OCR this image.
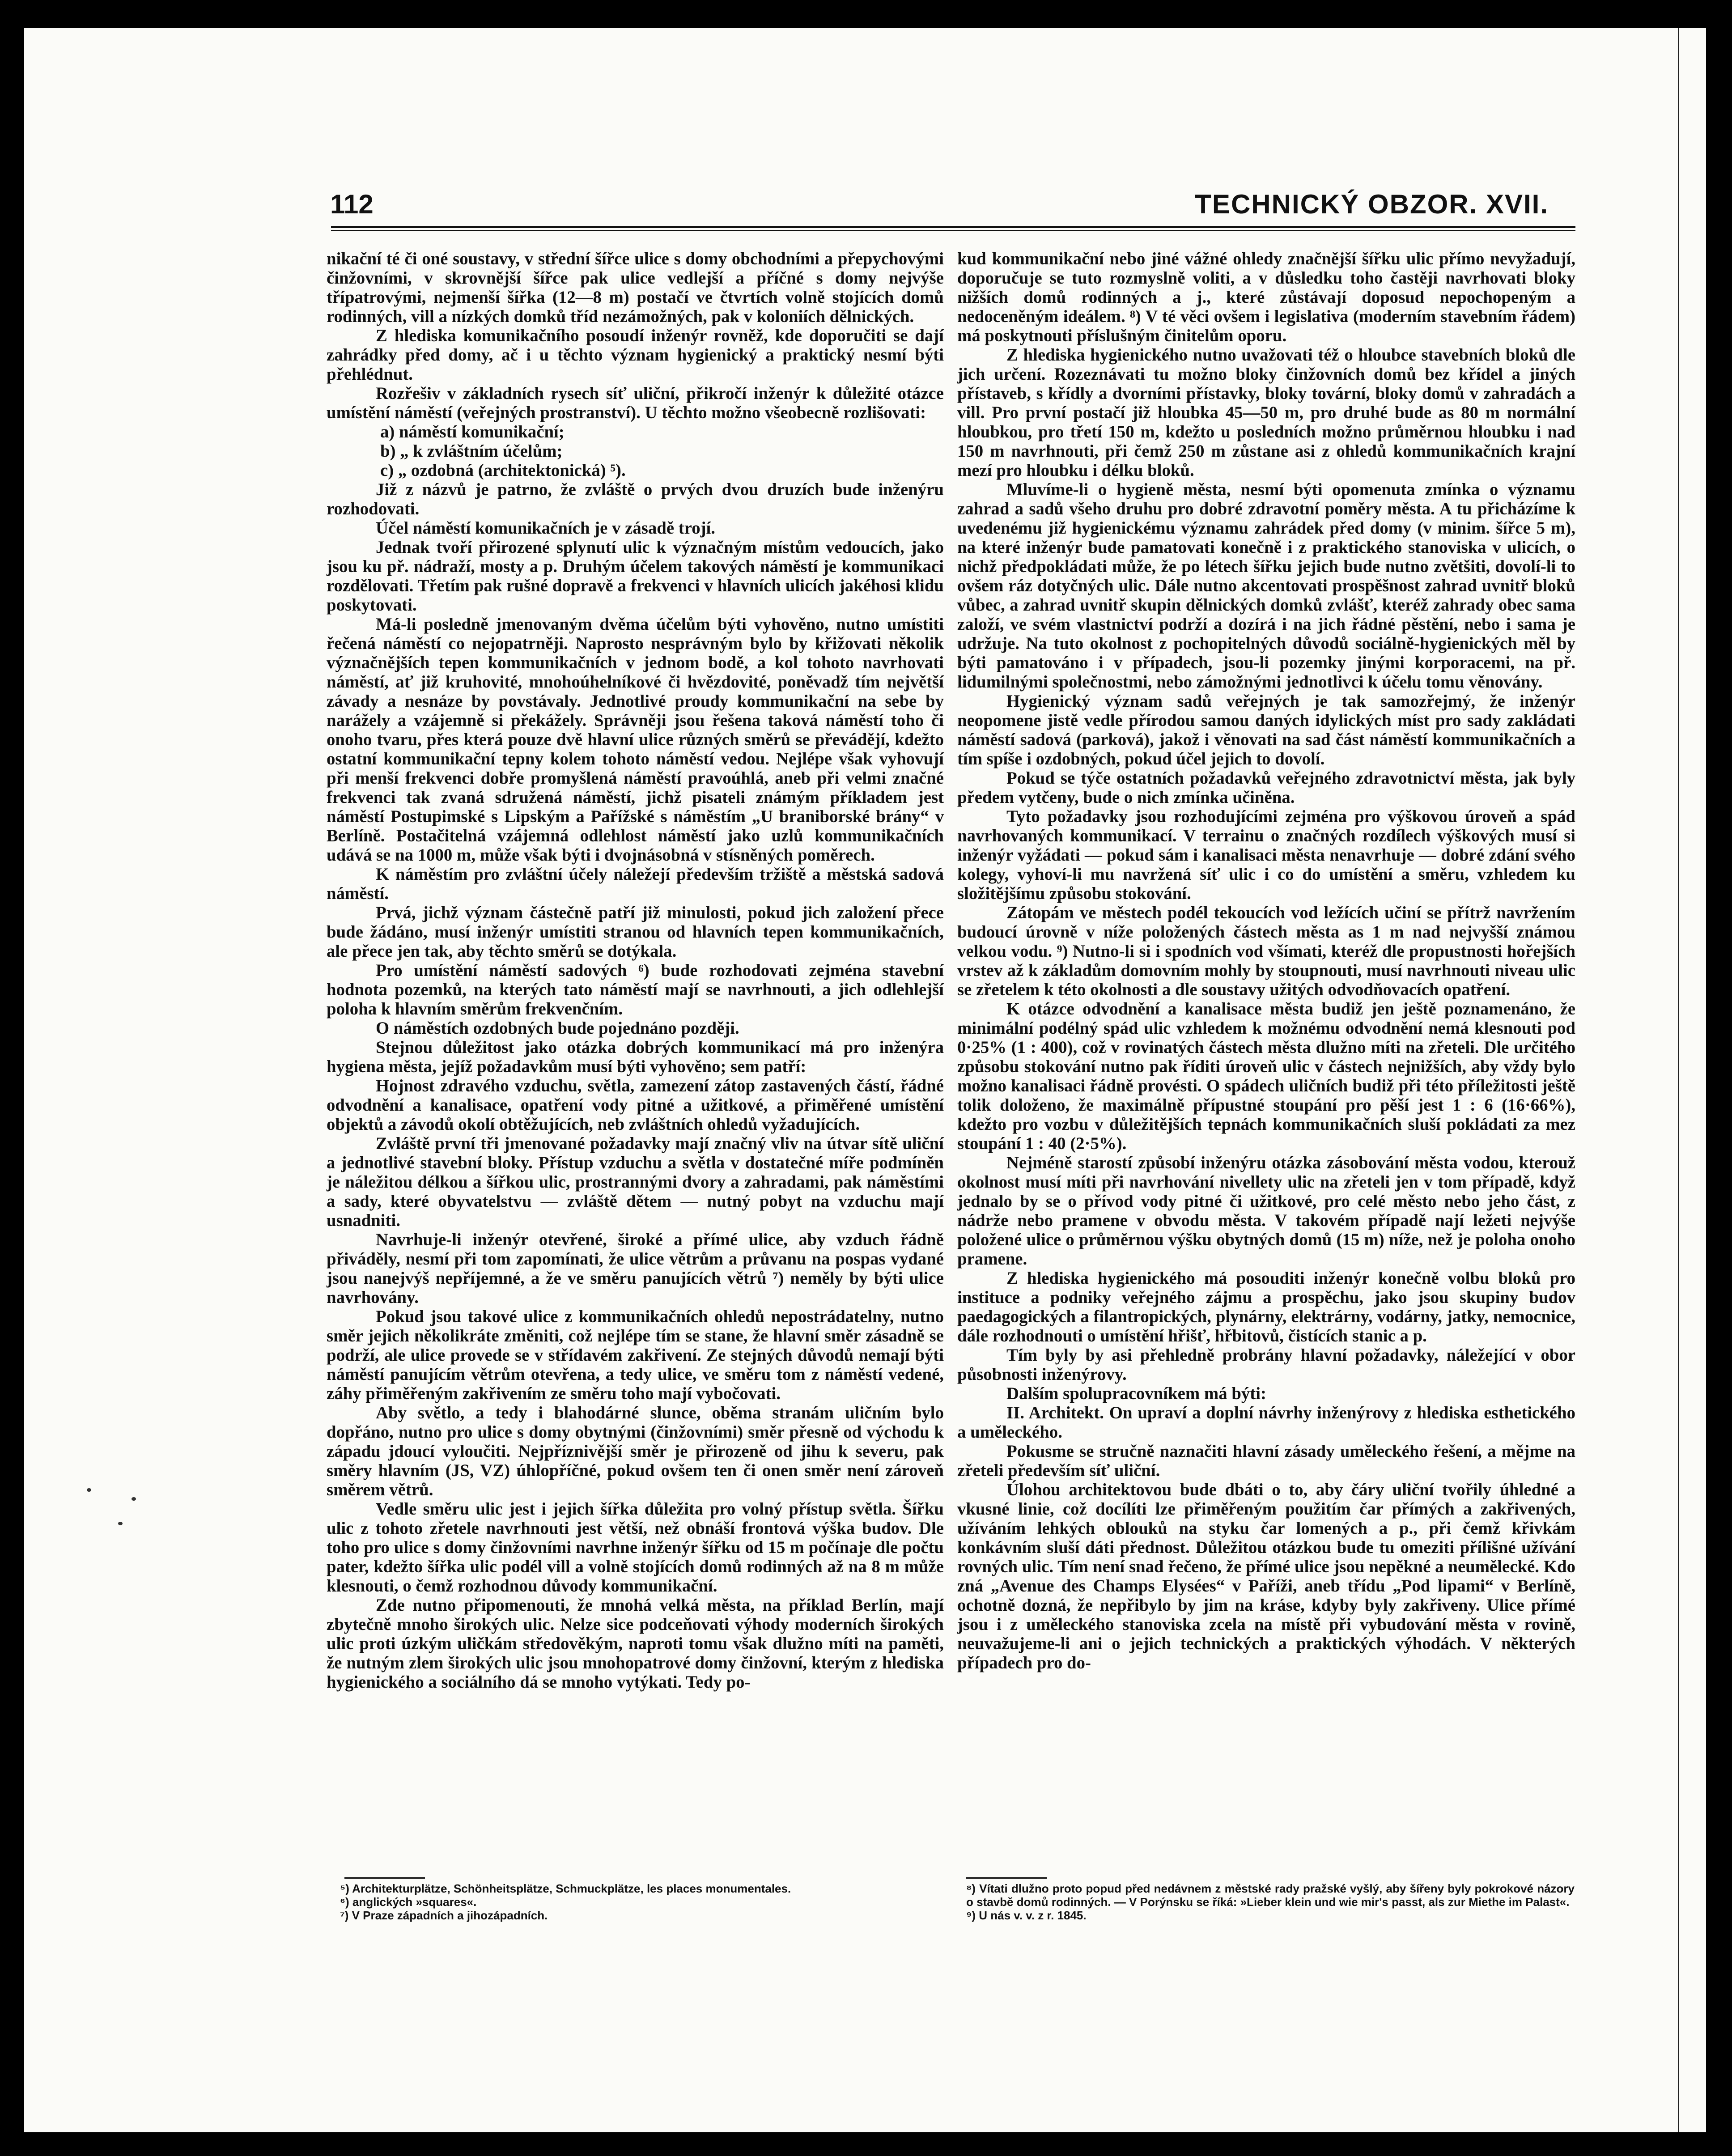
112	TECHNICKÝ OBZOR. XVII.

nikační té či oné soustavy, v střední šířce ulice s domy obchodními a přepychovými činžovními, v skrovnější šířce pak ulice vedlejší a příčné s domy nejvýše třípatrovými, nejmenší šířka (12—8 m) postačí ve čtvrtích volně stojících domů rodinných, vill a nízkých domků tříd nezámožných, pak v koloniích dělnických.

Z hlediska komunikačního posoudí inženýr rovněž, kde doporučiti se dají zahrádky před domy, ač i u těchto význam hygienický a praktický nesmí býti přehlédnut.

Rozřešiv v základních rysech síť uliční, přikročí inženýr k důležité otázce umístění náměstí (veřejných prostranství). U těchto možno všeobecně rozlišovati:

a) náměstí komunikační;

b) „ k zvláštním účelům;

c) „ ozdobná (architektonická) ⁵).

Již z názvů je patrno, že zvláště o prvých dvou druzích bude inženýru rozhodovati.

Účel náměstí komunikačních je v zásadě trojí.

Jednak tvoří přirozené splynutí ulic k význačným místům vedoucích, jako jsou ku př. nádraží, mosty a p. Druhým účelem takových náměstí je kommunikaci rozdělovati. Třetím pak rušné dopravě a frekvenci v hlavních ulicích jakéhosi klidu poskytovati.

Má-li posledně jmenovaným dvěma účelům býti vyhověno, nutno umístiti řečená náměstí co nejopatrněji. Naprosto nesprávným bylo by křižovati několik význačnějších tepen kommunikačních v jednom bodě, a kol tohoto navrhovati náměstí, ať již kruhovité, mnohoúhelníkové či hvězdovité, poněvadž tím největší závady a nesnáze by povstávaly. Jednotlivé proudy kommunikační na sebe by narážely a vzájemně si překážely. Správněji jsou řešena taková náměstí toho či onoho tvaru, přes která pouze dvě hlavní ulice různých směrů se převádějí, kdežto ostatní kommunikační tepny kolem tohoto náměstí vedou. Nejlépe však vyhovují při menší frekvenci dobře promyšlená náměstí pravoúhlá, aneb při velmi značné frekvenci tak zvaná sdružená náměstí, jichž pisateli známým příkladem jest náměstí Postupimské s Lipským a Pařížské s náměstím „U braniborské brány“ v Berlíně. Postačitelná vzájemná odlehlost náměstí jako uzlů kommunikačních udává se na 1000 m, může však býti i dvojnásobná v stísněných poměrech.

K náměstím pro zvláštní účely náležejí především tržiště a městská sadová náměstí.

Prvá, jichž význam částečně patří již minulosti, pokud jich založení přece bude žádáno, musí inženýr umístiti stranou od hlavních tepen kommunikačních, ale přece jen tak, aby těchto směrů se dotýkala.

Pro umístění náměstí sadových ⁶) bude rozhodovati zejména stavební hodnota pozemků, na kterých tato náměstí mají se navrhnouti, a jich odlehlejší poloha k hlavním směrům frekvenčním.

O náměstích ozdobných bude pojednáno později.

Stejnou důležitost jako otázka dobrých kommunikací má pro inženýra hygiena města, jejíž požadavkům musí býti vyhověno; sem patří:

Hojnost zdravého vzduchu, světla, zamezení zátop zastavených částí, řádné odvodnění a kanalisace, opatření vody pitné a užitkové, a přiměřené umístění objektů a závodů okolí obtěžujících, neb zvláštních ohledů vyžadujících.

Zvláště první tři jmenované požadavky mají značný vliv na útvar sítě uliční a jednotlivé stavební bloky. Přístup vzduchu a světla v dostatečné míře podmíněn je náležitou délkou a šířkou ulic, prostrannými dvory a zahradami, pak náměstími a sady, které obyvatelstvu — zvláště dětem — nutný pobyt na vzduchu mají usnadniti.

Navrhuje-li inženýr otevřené, široké a přímé ulice, aby vzduch řádně přiváděly, nesmí při tom zapomínati, že ulice větrům a průvanu na pospas vydané jsou nanejvýš nepříjemné, a že ve směru panujících větrů ⁷) neměly by býti ulice navrhovány.

Pokud jsou takové ulice z kommunikačních ohledů nepostrádatelny, nutno směr jejich několikráte změniti, což nejlépe tím se stane, že hlavní směr zásadně se podrží, ale ulice provede se v střídavém zakřivení. Ze stejných důvodů nemají býti náměstí panujícím větrům otevřena, a tedy ulice, ve směru tom z náměstí vedené, záhy přiměřeným zakřivením ze směru toho mají vybočovati.

Aby světlo, a tedy i blahodárné slunce, oběma stranám uličním bylo dopřáno, nutno pro ulice s domy obytnými (činžovními) směr přesně od východu k západu jdoucí vyloučiti. Nejpříznivější směr je přirozeně od jihu k severu, pak směry hlavním (JS, VZ) úhlopříčné, pokud ovšem ten či onen směr není zároveň směrem větrů.

Vedle směru ulic jest i jejich šířka důležita pro volný přístup světla. Šířku ulic z tohoto zřetele navrhnouti jest větší, než obnáší frontová výška budov. Dle toho pro ulice s domy činžovními navrhne inženýr šířku od 15 m počínaje dle počtu pater, kdežto šířka ulic podél vill a volně stojících domů rodinných až na 8 m může klesnouti, o čemž rozhodnou důvody kommunikační.

Zde nutno připomenouti, že mnohá velká města, na příklad Berlín, mají zbytečně mnoho širokých ulic. Nelze sice podceňovati výhody moderních širokých ulic proti úzkým uličkám středověkým, naproti tomu však dlužno míti na paměti, že nutným zlem širokých ulic jsou mnohopatrové domy činžovní, kterým z hlediska hygienického a sociálního dá se mnoho vytýkati. Tedy po-

⁵) Architekturplätze, Schönheitsplätze, Schmuckplätze, les places monumentales.

⁶) anglických »squares«.

⁷) V Praze západních a jihozápadních.

kud kommunikační nebo jiné vážné ohledy značnější šířku ulic přímo nevyžadují, doporučuje se tuto rozmyslně voliti, a v důsledku toho častěji navrhovati bloky nižších domů rodinných a j., které zůstávají doposud nepochopeným a nedoceněným ideálem. ⁸) V té věci ovšem i legislativa (moderním stavebním řádem) má poskytnouti příslušným činitelům oporu.

Z hlediska hygienického nutno uvažovati též o hloubce stavebních bloků dle jich určení. Rozeznávati tu možno bloky činžovních domů bez křídel a jiných přístaveb, s křídly a dvorními přístavky, bloky tovární, bloky domů v zahradách a vill. Pro první postačí již hloubka 45—50 m, pro druhé bude as 80 m normální hloubkou, pro třetí 150 m, kdežto u posledních možno průměrnou hloubku i nad 150 m navrhnouti, při čemž 250 m zůstane asi z ohledů kommunikačních krajní mezí pro hloubku i délku bloků.

Mluvíme-li o hygieně města, nesmí býti opomenuta zmínka o významu zahrad a sadů všeho druhu pro dobré zdravotní poměry města. A tu přicházíme k uvedenému již hygienickému významu zahrádek před domy (v minim. šířce 5 m), na které inženýr bude pamatovati konečně i z praktického stanoviska v ulicích, o nichž předpokládati může, že po létech šířku jejich bude nutno zvětšiti, dovolí-li to ovšem ráz dotyčných ulic. Dále nutno akcentovati prospěšnost zahrad uvnitř bloků vůbec, a zahrad uvnitř skupin dělnických domků zvlášť, kteréž zahrady obec sama založí, ve svém vlastnictví podrží a dozírá i na jich řádné pěstění, nebo i sama je udržuje. Na tuto okolnost z pochopitelných důvodů sociálně-hygienických měl by býti pamatováno i v případech, jsou-li pozemky jinými korporacemi, na př. lidumilnými společnostmi, nebo zámožnými jednotlivci k účelu tomu věnovány.

Hygienický význam sadů veřejných je tak samozřejmý, že inženýr neopomene jistě vedle přírodou samou daných idylických míst pro sady zakládati náměstí sadová (parková), jakož i věnovati na sad část náměstí kommunikačních a tím spíše i ozdobných, pokud účel jejich to dovolí.

Pokud se týče ostatních požadavků veřejného zdravotnictví města, jak byly předem vytčeny, bude o nich zmínka učiněna.

Tyto požadavky jsou rozhodujícími zejména pro výškovou úroveň a spád navrhovaných kommunikací. V terrainu o značných rozdílech výškových musí si inženýr vyžádati — pokud sám i kanalisaci města nenavrhuje — dobré zdání svého kolegy, vyhoví-li mu navržená síť ulic i co do umístění a směru, vzhledem ku složitějšímu způsobu stokování.

Zátopám ve městech podél tekoucích vod ležících učiní se přítrž navržením budoucí úrovně v níže položených částech města as 1 m nad nejvyšší známou velkou vodu. ⁹) Nutno-li si i spodních vod všímati, kteréž dle propustnosti hořejších vrstev až k základům domovním mohly by stoupnouti, musí navrhnouti niveau ulic se zřetelem k této okolnosti a dle soustavy užitých odvodňovacích opatření.

K otázce odvodnění a kanalisace města budiž jen ještě poznamenáno, že minimální podélný spád ulic vzhledem k možnému odvodnění nemá klesnouti pod 0·25% (1 : 400), což v rovinatých částech města dlužno míti na zřeteli. Dle určitého způsobu stokování nutno pak říditi úroveň ulic v částech nejnižších, aby vždy bylo možno kanalisaci řádně provésti. O spádech uličních budiž při této příležitosti ještě tolik doloženo, že maximálně přípustné stoupání pro pěší jest 1 : 6 (16·66%), kdežto pro vozbu v důležitějších tepnách kommunikačních sluší pokládati za mez stoupání 1 : 40 (2·5%).

Nejméně starostí způsobí inženýru otázka zásobování města vodou, kterouž okolnost musí míti při navrhování nivellety ulic na zřeteli jen v tom případě, když jednalo by se o přívod vody pitné či užitkové, pro celé město nebo jeho část, z nádrže nebo pramene v obvodu města. V takovém případě nají ležeti nejvýše položené ulice o průměrnou výšku obytných domů (15 m) níže, než je poloha onoho pramene.

Z hlediska hygienického má posouditi inženýr konečně volbu bloků pro instituce a podniky veřejného zájmu a prospěchu, jako jsou skupiny budov paedagogických a filantropických, plynárny, elektrárny, vodárny, jatky, nemocnice, dále rozhodnouti o umístění hřišť, hřbitovů, čistících stanic a p.

Tím byly by asi přehledně probrány hlavní požadavky, náležející v obor působnosti inženýrovy.

Dalším spolupracovníkem má býti:

II. Architekt. On upraví a doplní návrhy inženýrovy z hlediska esthetického a uměleckého.

Pokusme se stručně naznačiti hlavní zásady uměleckého řešení, a mějme na zřeteli především síť uliční.

Úlohou architektovou bude dbáti o to, aby čáry uliční tvořily úhledné a vkusné linie, což docílíti lze přiměřeným použitím čar přímých a zakřivených, užíváním lehkých oblouků na styku čar lomených a p., při čemž křivkám konkávním sluší dáti přednost. Důležitou otázkou bude tu omeziti přílišné užívání rovných ulic. Tím není snad řečeno, že přímé ulice jsou nepěkné a neumělecké. Kdo zná „Avenue des Champs Elysées“ v Paříži, aneb třídu „Pod lipami“ v Berlíně, ochotně dozná, že nepřibylo by jim na kráse, kdyby byly zakřiveny. Ulice přímé jsou i z uměleckého stanoviska zcela na místě při vybudování města v rovině, neuvažujeme-li ani o jejich technických a praktických výhodách. V některých případech pro do-

⁸) Vítati dlužno proto popud před nedávnem z městské rady pražské vyšlý, aby šířeny byly pokrokové názory o stavbě domů rodinných. — V Porýnsku se říká: »Lieber klein und wie mir's passt, als zur Miethe im Palast«.

⁹) U nás v. v. z r. 1845.
